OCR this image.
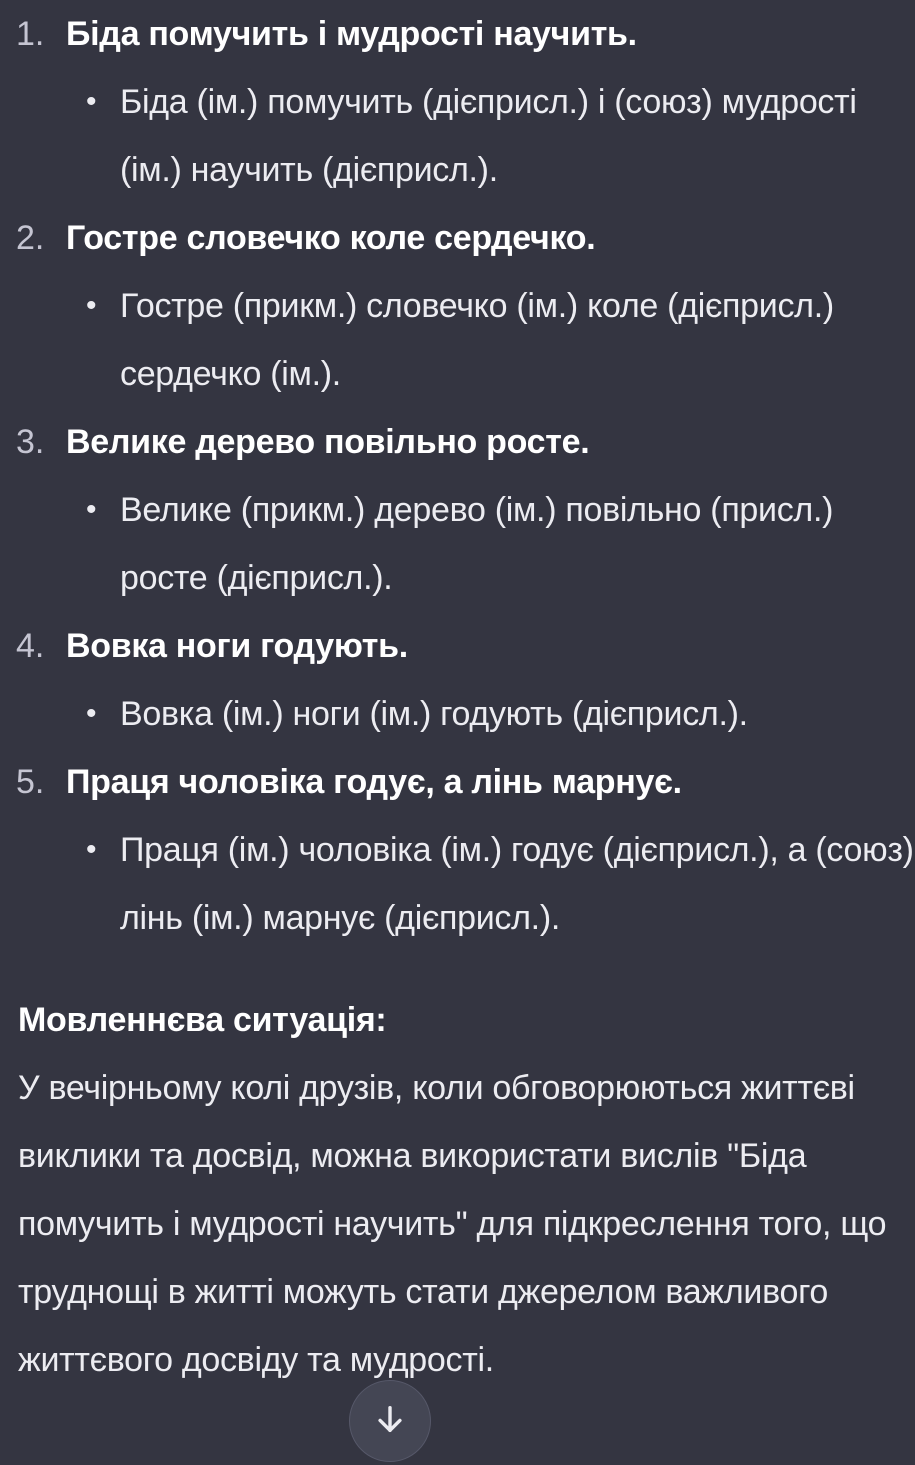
1. Біда помучить і мудрості научить.
• Біда (ім.) помучить (дієприсл.) і (союз) мудрості (ім.) научить (дієприсл.).
2. Гостре словечко коле сердечко.
• Гостре (прикм.) словечко (ім.) коле (дієприсл.) сердечко (ім.).
3. Велике дерево повільно росте.
• Велике (прикм.) дерево (ім.) повільно (присл.) росте (дієприсл.).
4. Вовка ноги годують.
• Вовка (ім.) ноги (ім.) годують (дієприсл.).
5. Праця чоловіка годує, а лінь марнує.
• Праця (ім.) чоловіка (ім.) годує (дієприсл.), а (союз) лінь (ім.) марнує (дієприсл.).
Мовленнєва ситуація:
У вечірньому колі друзів, коли обговорюються життєві виклики та досвід, можна використати вислів "Біда помучить і мудрості научить" для підкреслення того, що труднощі в житті можуть стати джерелом важливого життєвого досвіду та мудрості.
